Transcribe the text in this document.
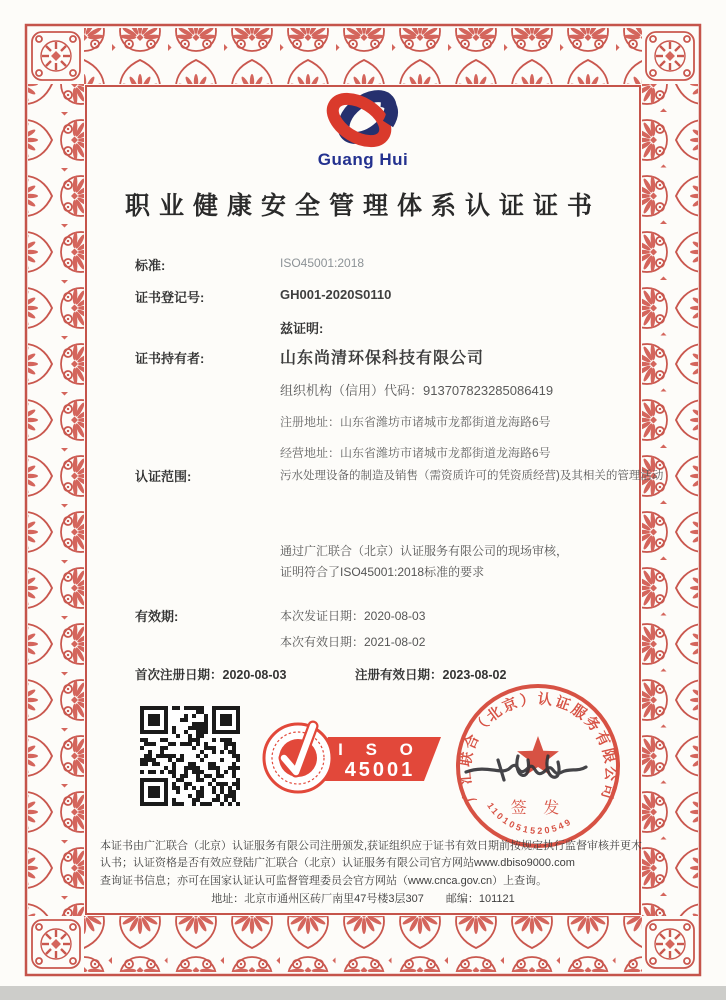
Guang Hui
职业健康安全管理体系认证证书
标准:	ISO45001:2018
证书登记号:	GH001-2020S0110
兹证明:
证书持有者:	山东尚清环保科技有限公司
组织机构（信用）代码：913707823285086419
注册地址：山东省潍坊市诸城市龙都街道龙海路6号
经营地址：山东省潍坊市诸城市龙都街道龙海路6号
认证范围:	污水处理设备的制造及销售（需资质许可的凭资质经营)及其相关的管理活动
通过广汇联合（北京）认证服务有限公司的现场审核，
证明符合了ISO45001:2018标准的要求
有效期:	本次发证日期：2020-08-03
本次有效日期：2021-08-02
首次注册日期：2020-08-03	注册有效日期：2023-08-02
I S O
45001
广汇联合（北京）认证服务有限公司
签 发
1101051520549
本证书由广汇联合（北京）认证服务有限公司注册颁发,获证组织应于证书有效日期前按规定执行监督审核并更木
认书；认证资格是否有效应登陆广汇联合（北京）认证服务有限公司官方网站www.dbiso9000.com
查询证书信息；亦可在国家认证认可监督管理委员会官方网站（www.cnca.gov.cn）上查询。
地址：北京市通州区砖厂南里47号楼3层307　　邮编：101121
